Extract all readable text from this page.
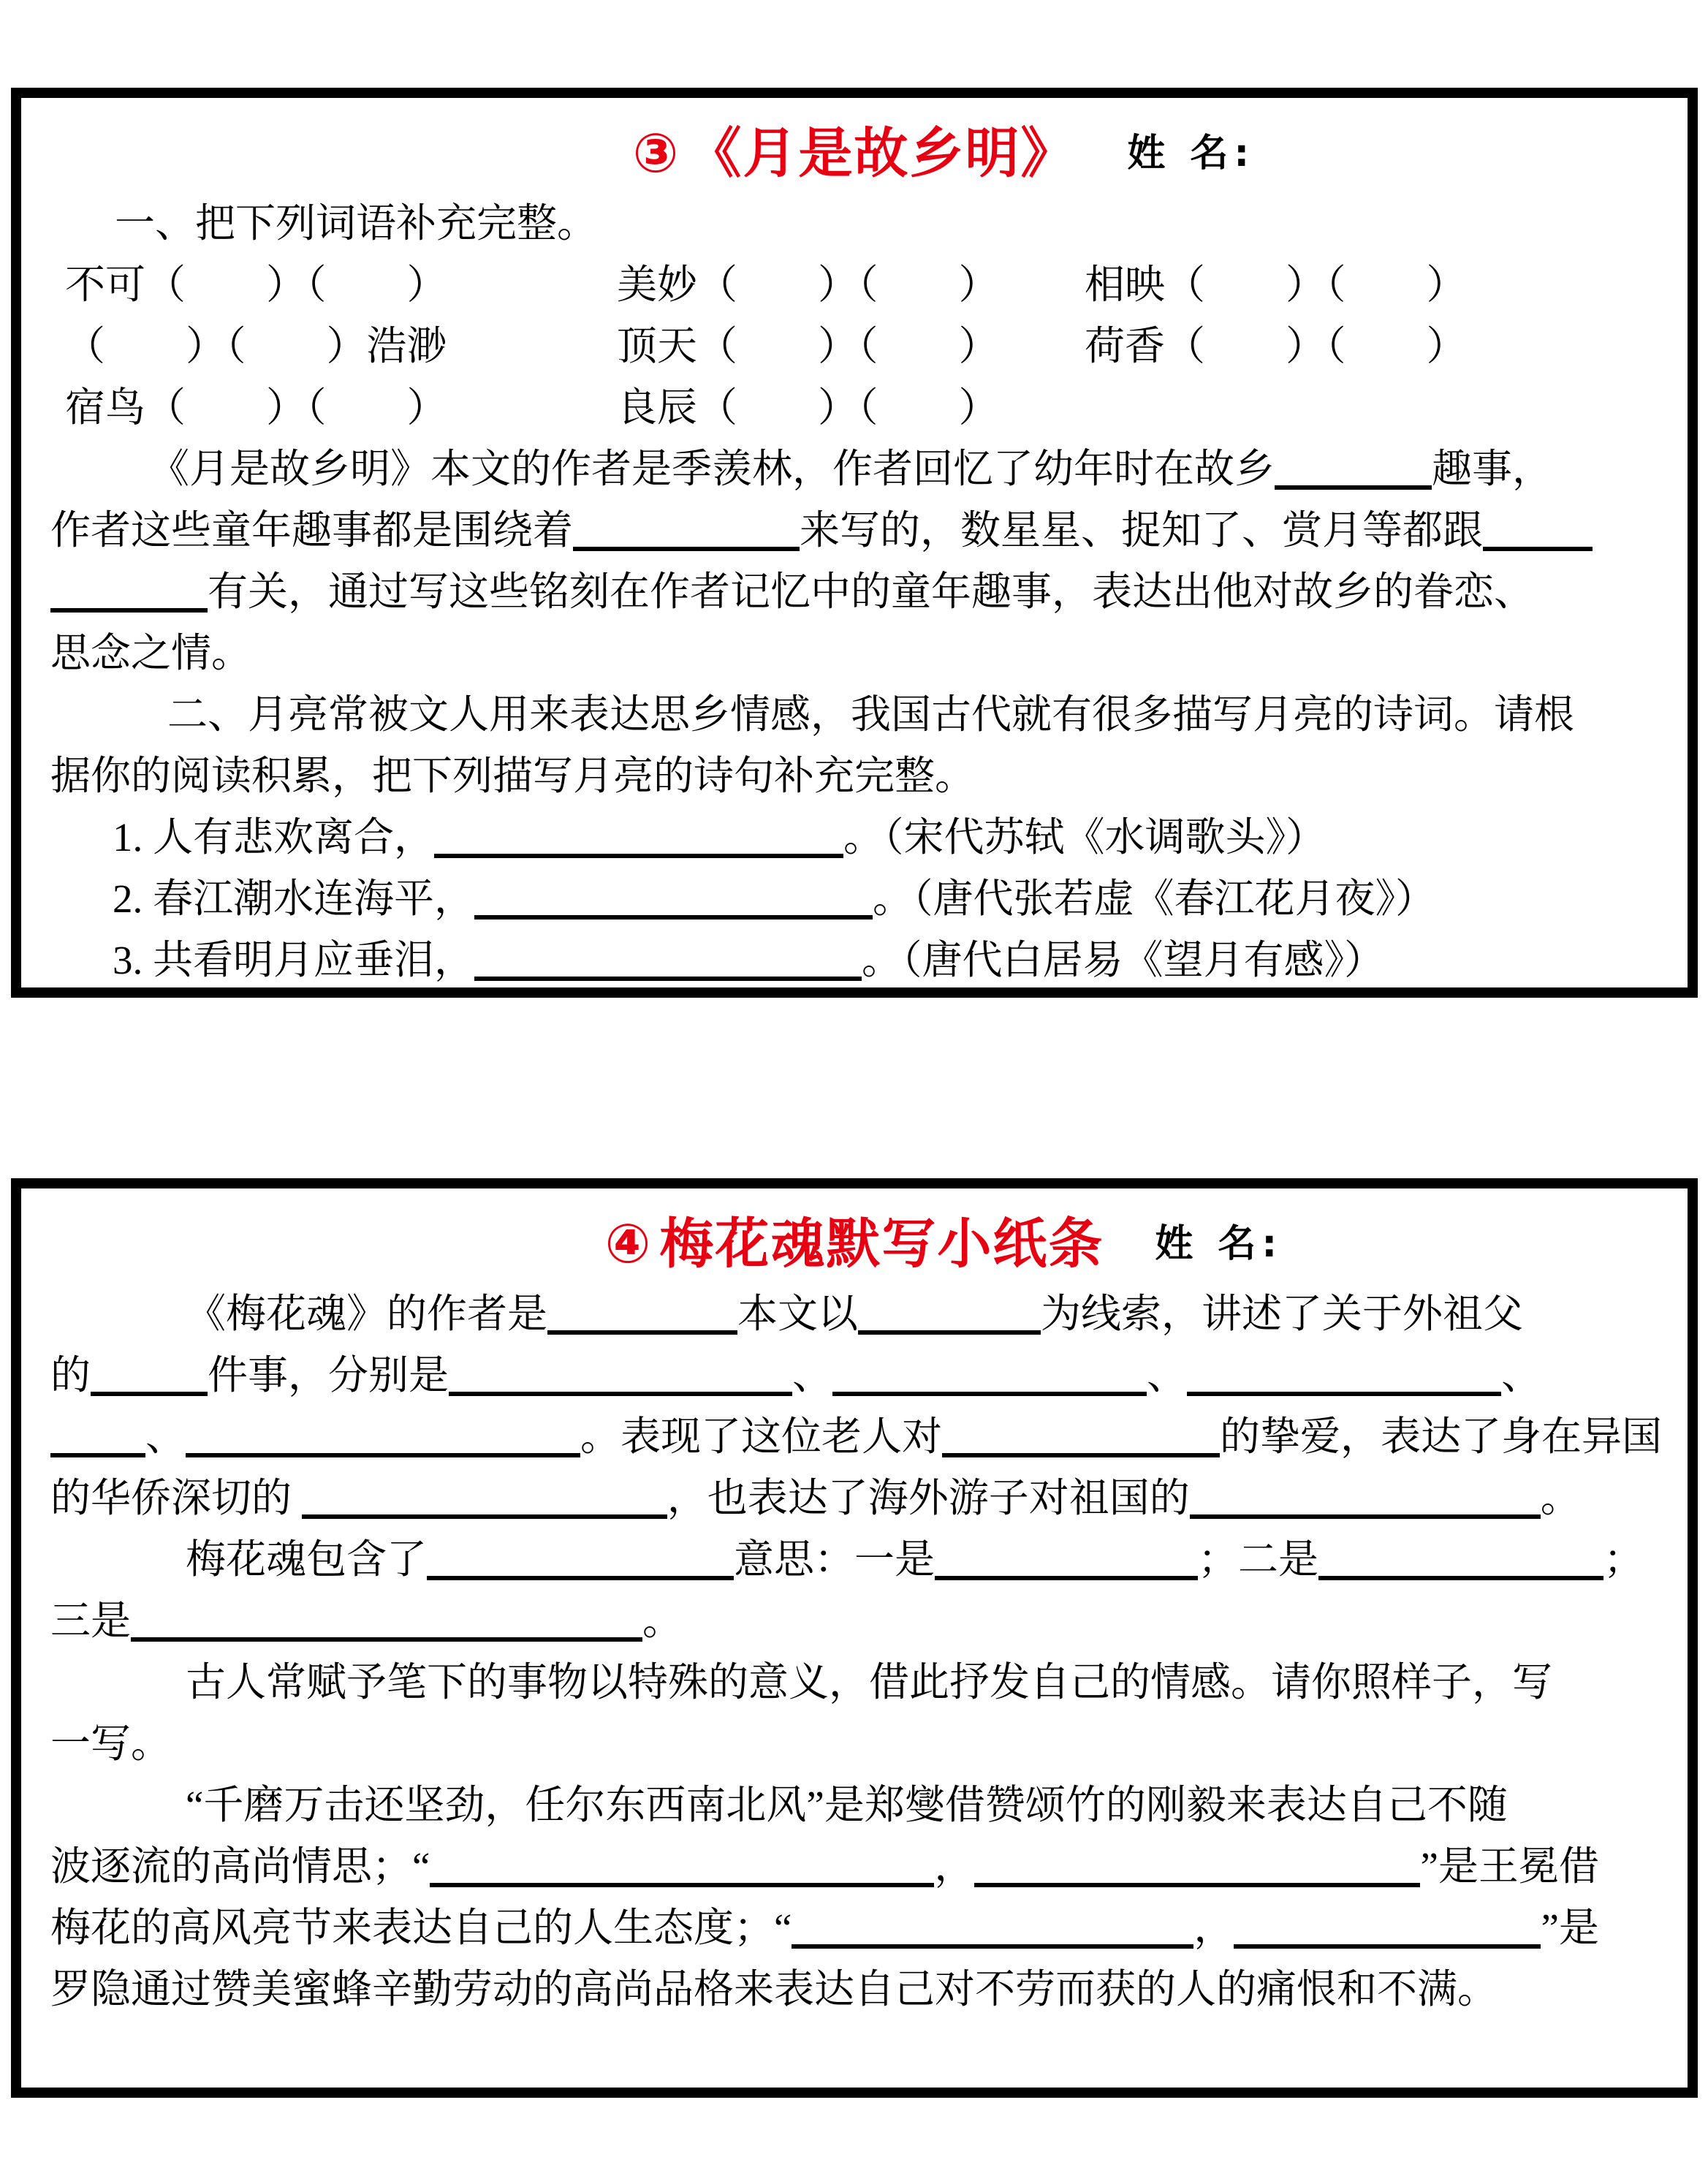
③ 《月是故乡明》	姓 名:
一、把下列词语补充完整。
不可（　　）（　　）	美妙（　　）（　　）	相映（　　）（　　）
（　　）（　　）浩渺	顶天（　　）（　　）	荷香（　　）（　　）
宿鸟（　　）（　　）	良辰（　　）（　　）
《月是故乡明》本文的作者是季羡林，作者回忆了幼年时在故乡	趣事，
作者这些童年趣事都是围绕着	来写的，数星星、捉知了、赏月等都跟
有关，通过写这些铭刻在作者记忆中的童年趣事，表达出他对故乡的眷恋、
思念之情。
二、月亮常被文人用来表达思乡情感，我国古代就有很多描写月亮的诗词。请根
据你的阅读积累，把下列描写月亮的诗句补充完整。
1. 人有悲欢离合，	。（宋代苏轼《水调歌头》）
2. 春江潮水连海平，	。（唐代张若虚《春江花月夜》）
3. 共看明月应垂泪，	。（唐代白居易《望月有感》）
④ 梅花魂默写小纸条	姓 名:
《梅花魂》的作者是	本文以	为线索，讲述了关于外祖父
的	件事，分别是	、	、	、
、	。表现了这位老人对	的挚爱，表达了身在异国
的华侨深切的	，也表达了海外游子对祖国的	。
梅花魂包含了	意思：一是	；二是	；
三是	。
古人常赋予笔下的事物以特殊的意义，借此抒发自己的情感。请你照样子，写
一写。
“千磨万击还坚劲，任尔东西南北风”是郑燮借赞颂竹的刚毅来表达自己不随
波逐流的高尚情思；“	，	”是王冕借
梅花的高风亮节来表达自己的人生态度；“	，	”是
罗隐通过赞美蜜蜂辛勤劳动的高尚品格来表达自己对不劳而获的人的痛恨和不满。
